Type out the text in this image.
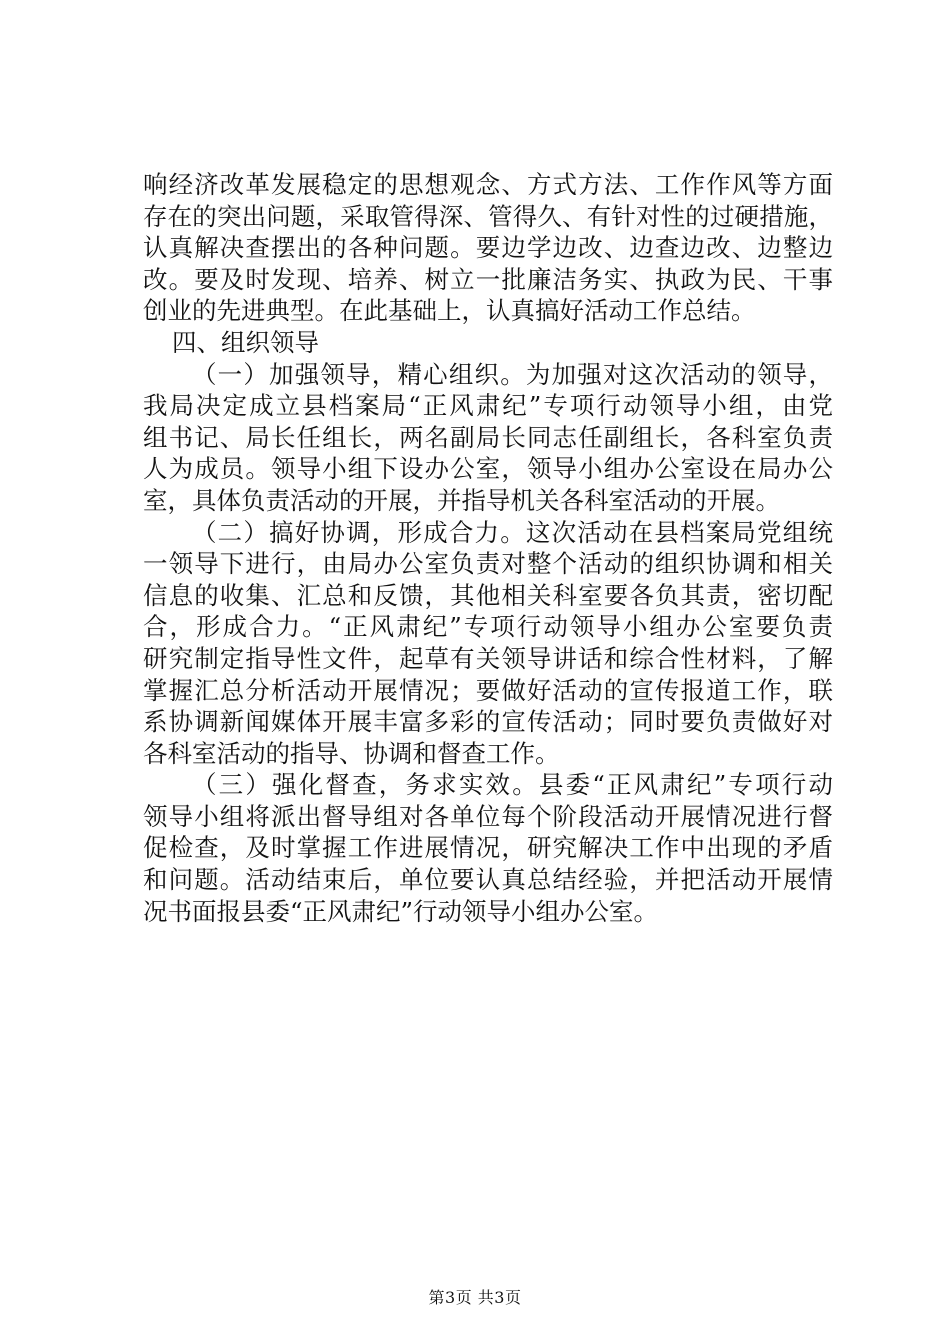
响经济改革发展稳定的思想观念、方式方法、工作作风等方面
存在的突出问题，采取管得深、管得久、有针对性的过硬措施，
认真解决查摆出的各种问题。要边学边改、边查边改、边整边
改。要及时发现、培养、树立一批廉洁务实、执政为民、干事
创业的先进典型。在此基础上，认真搞好活动工作总结。
四、组织领导
（一）加强领导，精心组织。为加强对这次活动的领导，
我局决定成立县档案局“正风肃纪”专项行动领导小组，由党
组书记、局长任组长，两名副局长同志任副组长，各科室负责
人为成员。领导小组下设办公室，领导小组办公室设在局办公
室，具体负责活动的开展，并指导机关各科室活动的开展。
（二）搞好协调，形成合力。这次活动在县档案局党组统
一领导下进行，由局办公室负责对整个活动的组织协调和相关
信息的收集、汇总和反馈，其他相关科室要各负其责，密切配
合，形成合力。“正风肃纪”专项行动领导小组办公室要负责
研究制定指导性文件，起草有关领导讲话和综合性材料，了解
掌握汇总分析活动开展情况；要做好活动的宣传报道工作，联
系协调新闻媒体开展丰富多彩的宣传活动；同时要负责做好对
各科室活动的指导、协调和督查工作。
（三）强化督查，务求实效。县委“正风肃纪”专项行动
领导小组将派出督导组对各单位每个阶段活动开展情况进行督
促检查，及时掌握工作进展情况，研究解决工作中出现的矛盾
和问题。活动结束后，单位要认真总结经验，并把活动开展情
况书面报县委“正风肃纪”行动领导小组办公室。
第3页 共3页
